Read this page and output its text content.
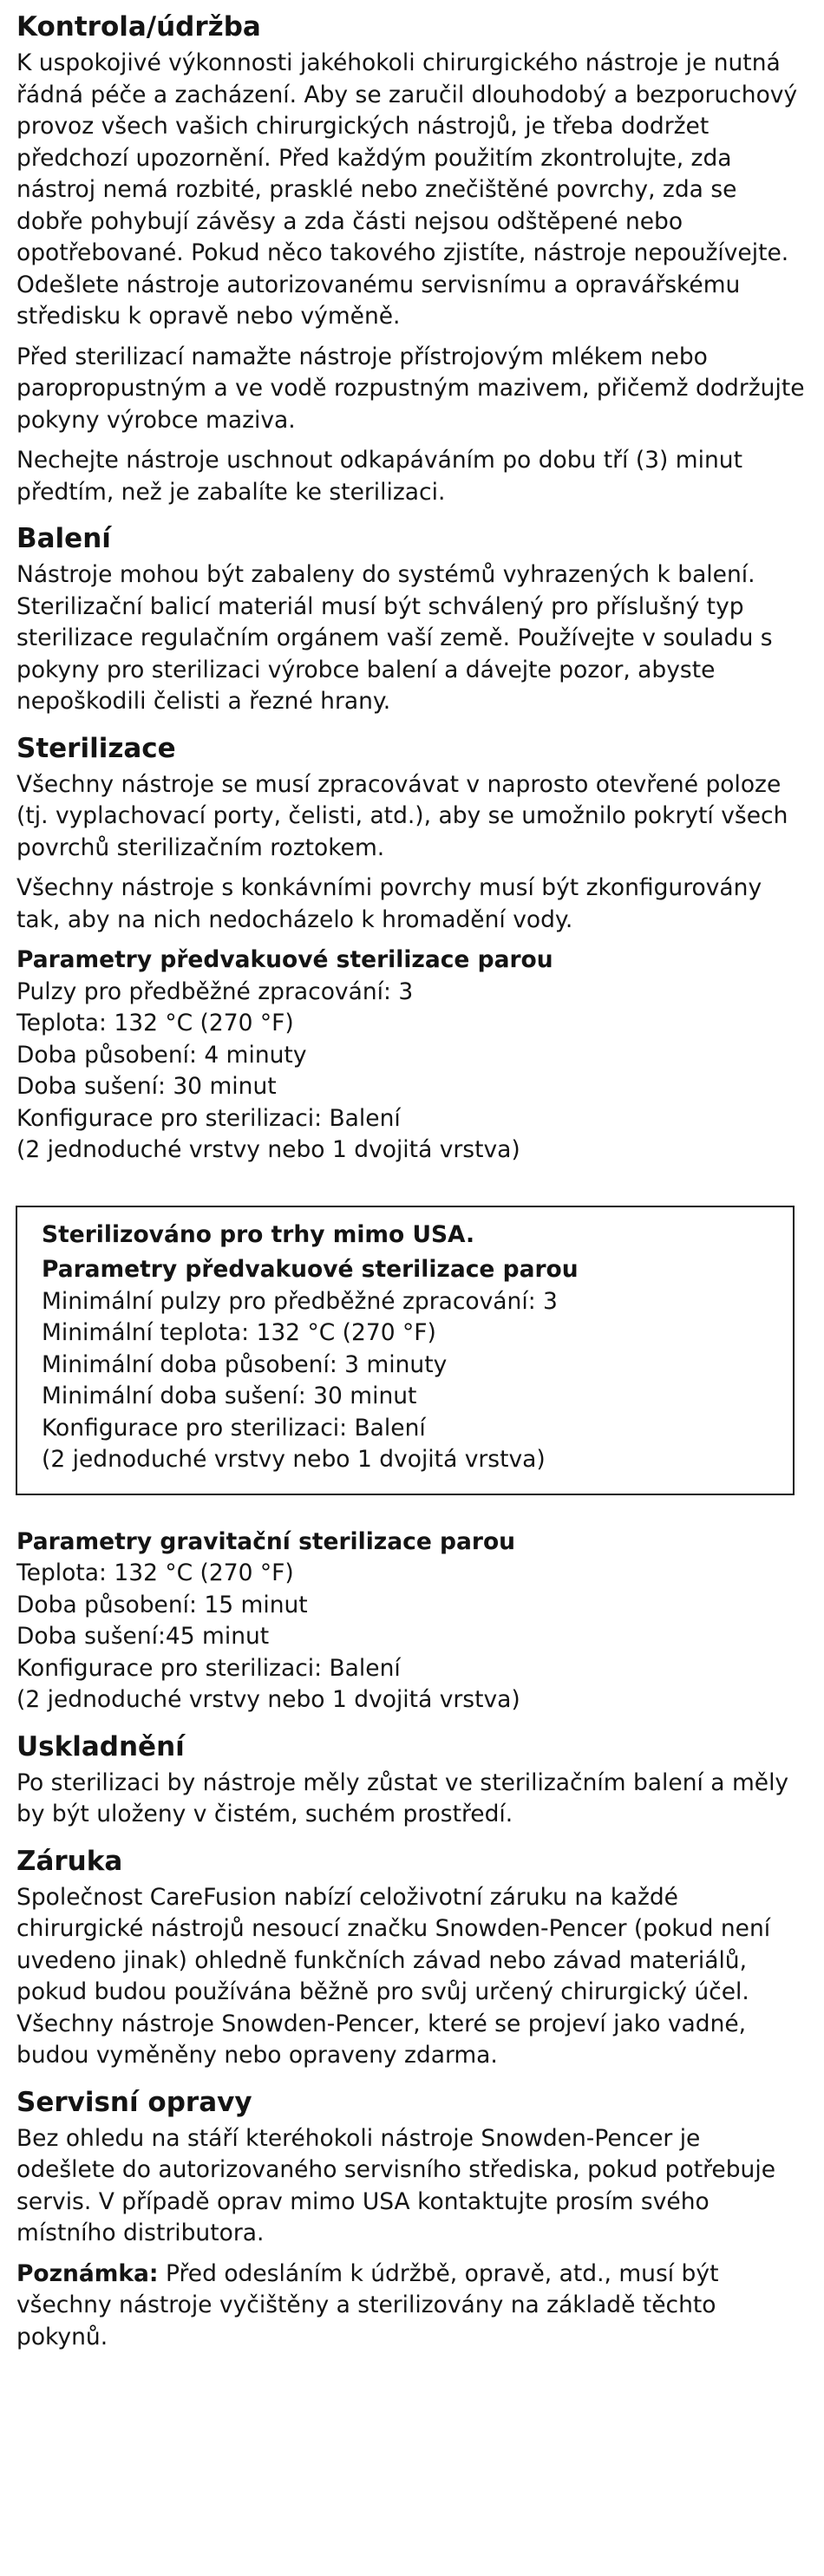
Kontrola/údržba

K uspokojivé výkonnosti jakéhokoli chirurgického nástroje je nutná řádná péče a zacházení. Aby se zaručil dlouhodobý a bezporuchový provoz všech vašich chirurgických nástrojů, je třeba dodržet předchozí upozornění. Před každým použitím zkontrolujte, zda nástroj nemá rozbité, prasklé nebo znečištěné povrchy, zda se dobře pohybují závěsy a zda části nejsou odštěpené nebo opotřebované. Pokud něco takového zjistíte, nástroje nepoužívejte. Odešlete nástroje autorizovanému servisnímu a opravářskému středisku k opravě nebo výměně.

Před sterilizací namažte nástroje přístrojovým mlékem nebo paropropustným a ve vodě rozpustným mazivem, přičemž dodržujte pokyny výrobce maziva.

Nechejte nástroje uschnout odkapáváním po dobu tří (3) minut předtím, než je zabalíte ke sterilizaci.

Balení

Nástroje mohou být zabaleny do systémů vyhrazených k balení. Sterilizační balicí materiál musí být schválený pro příslušný typ sterilizace regulačním orgánem vaší země. Používejte v souladu s pokyny pro sterilizaci výrobce balení a dávejte pozor, abyste nepoškodili čelisti a řezné hrany.

Sterilizace

Všechny nástroje se musí zpracovávat v naprosto otevřené poloze (tj. vyplachovací porty, čelisti, atd.), aby se umožnilo pokrytí všech povrchů sterilizačním roztokem.

Všechny nástroje s konkávními povrchy musí být zkonfigurovány tak, aby na nich nedocházelo k hromadění vody.

Parametry předvakuové sterilizace parou
Pulzy pro předběžné zpracování: 3
Teplota: 132 °C (270 °F)
Doba působení: 4 minuty
Doba sušení: 30 minut
Konfigurace pro sterilizaci: Balení
(2 jednoduché vrstvy nebo 1 dvojitá vrstva)
Sterilizováno pro trhy mimo USA.
Parametry předvakuové sterilizace parou
Minimální pulzy pro předběžné zpracování: 3
Minimální teplota: 132 °C (270 °F)
Minimální doba působení: 3 minuty
Minimální doba sušení: 30 minut
Konfigurace pro sterilizaci: Balení
(2 jednoduché vrstvy nebo 1 dvojitá vrstva)
Parametry gravitační sterilizace parou
Teplota: 132 °C (270 °F)
Doba působení: 15 minut
Doba sušení:45 minut
Konfigurace pro sterilizaci: Balení
(2 jednoduché vrstvy nebo 1 dvojitá vrstva)
Uskladnění

Po sterilizaci by nástroje měly zůstat ve sterilizačním balení a měly by být uloženy v čistém, suchém prostředí.

Záruka

Společnost CareFusion nabízí celoživotní záruku na každé chirurgické nástrojů nesoucí značku Snowden-Pencer (pokud není uvedeno jinak) ohledně funkčních závad nebo závad materiálů, pokud budou používána běžně pro svůj určený chirurgický účel. Všechny nástroje Snowden-Pencer, které se projeví jako vadné, budou vyměněny nebo opraveny zdarma.

Servisní opravy

Bez ohledu na stáří kteréhokoli nástroje Snowden-Pencer je odešlete do autorizovaného servisního střediska, pokud potřebuje servis. V případě oprav mimo USA kontaktujte prosím svého místního distributora.

Poznámka: Před odesláním k údržbě, opravě, atd., musí být všechny nástroje vyčištěny a sterilizovány na základě těchto pokynů.
